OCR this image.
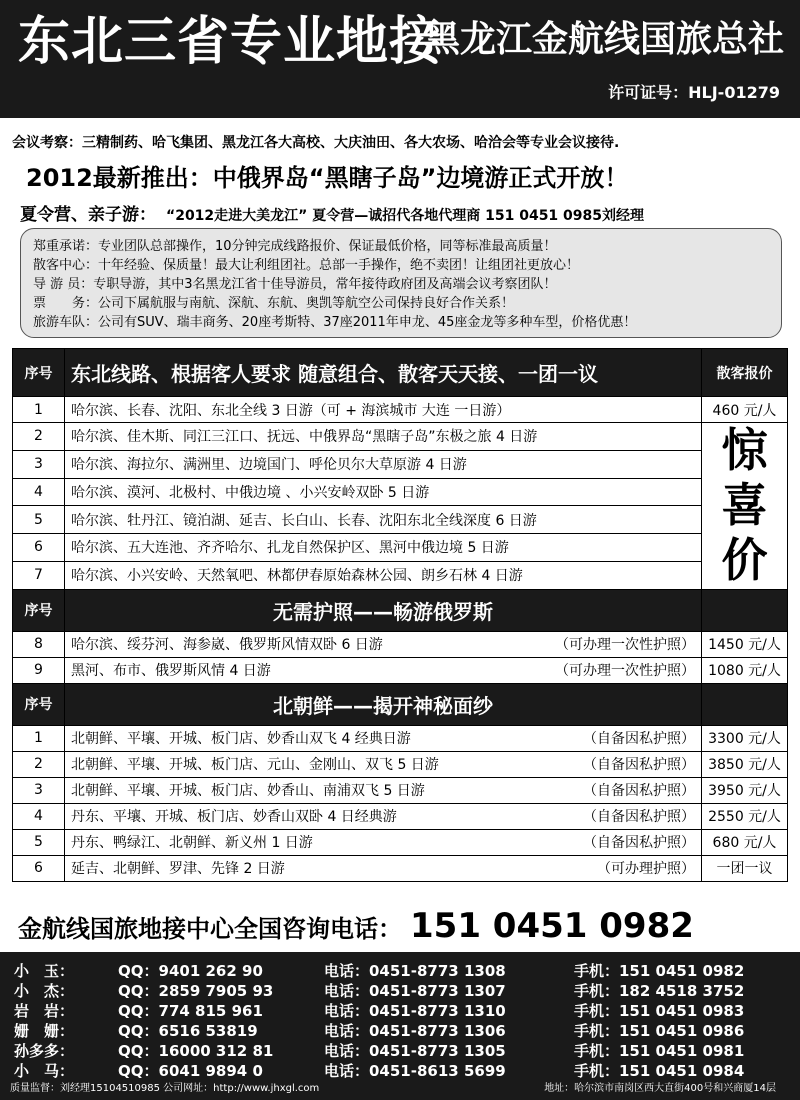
东北三省专业地接
黑龙江金航线国旅总社
许可证号：HLJ-01279
会议考察：三精制药、哈飞集团、黑龙江各大高校、大庆油田、各大农场、哈洽会等专业会议接待.
2012最新推出：中俄界岛“黑瞎子岛”边境游正式开放！
夏令营、亲子游： “2012走进大美龙江” 夏令营—诚招代各地代理商 151 0451 0985刘经理
郑重承诺：专业团队总部操作，10分钟完成线路报价、保证最低价格，同等标准最高质量！
散客中心：十年经验、保质量！最大让利组团社。总部一手操作，绝不卖团！让组团社更放心！
导 游 员：专职导游，其中3名黑龙江省十佳导游员，常年接待政府团及高端会议考察团队！
票　　务：公司下属航服与南航、深航、东航、奥凯等航空公司保持良好合作关系！
旅游车队：公司有SUV、瑞丰商务、20座考斯特、37座2011年申龙、45座金龙等多种车型，价格优惠！
序号	东北线路、根据客人要求 随意组合、散客天天接、一团一议	散客报价
1	哈尔滨、长春、沈阳、东北全线 3 日游（可 + 海滨城市 大连 一日游）	460 元/人
2	哈尔滨、佳木斯、同江三江口、抚远、中俄界岛“黑瞎子岛”东极之旅 4 日游	惊
喜
价

3	哈尔滨、海拉尔、满洲里、边境国门、呼伦贝尔大草原游 4 日游	
4	哈尔滨、漠河、北极村、中俄边境 、小兴安岭双卧 5 日游	
5	哈尔滨、牡丹江、镜泊湖、延吉、长白山、长春、沈阳东北全线深度 6 日游	
6	哈尔滨、五大连池、齐齐哈尔、扎龙自然保护区、黑河中俄边境 5 日游	
7	哈尔滨、小兴安岭、天然氧吧、林都伊春原始森林公园、朗乡石林 4 日游	
序号	无需护照——畅游俄罗斯	
8	哈尔滨、绥芬河、海参崴、俄罗斯风情双卧 6 日游 （可办理一次性护照）	1450 元/人
9	黑河、布市、俄罗斯风情 4 日游 （可办理一次性护照）	1080 元/人
序号	北朝鲜——揭开神秘面纱	
1	北朝鲜、平壤、开城、板门店、妙香山双飞 4 经典日游 （自备因私护照）	3300 元/人
2	北朝鲜、平壤、开城、板门店、元山、金刚山、双飞 5 日游 （自备因私护照）	3850 元/人
3	北朝鲜、平壤、开城、板门店、妙香山、南浦双飞 5 日游 （自备因私护照）	3950 元/人
4	丹东、平壤、开城、板门店、妙香山双卧 4 日经典游 （自备因私护照）	2550 元/人
5	丹东、鸭绿江、北朝鲜、新义州 1 日游 （自备因私护照）	680 元/人
6	延吉、北朝鲜、罗津、先锋 2 日游 （可办理护照）	一团一议
金航线国旅地接中心全国咨询电话： 151 0451 0982
小　玉：	QQ：9401 262 90	电话：0451-8773 1308	手机：151 0451 0982
小　杰：	QQ：2859 7905 93	电话：0451-8773 1307	手机：182 4518 3752
岩　岩：	QQ：774 815 961	电话：0451-8773 1310	手机：151 0451 0983
姗　姗：	QQ：6516 53819	电话：0451-8773 1306	手机：151 0451 0986
孙多多：	QQ：16000 312 81	电话：0451-8773 1305	手机：151 0451 0981
小　马：	QQ：6041 9894 0	电话：0451-8613 5699	手机：151 0451 0984
质量监督：刘经理15104510985 公司网址：http://www.jhxgl.com	地址：哈尔滨市南岗区西大直街400号和兴商厦14层
